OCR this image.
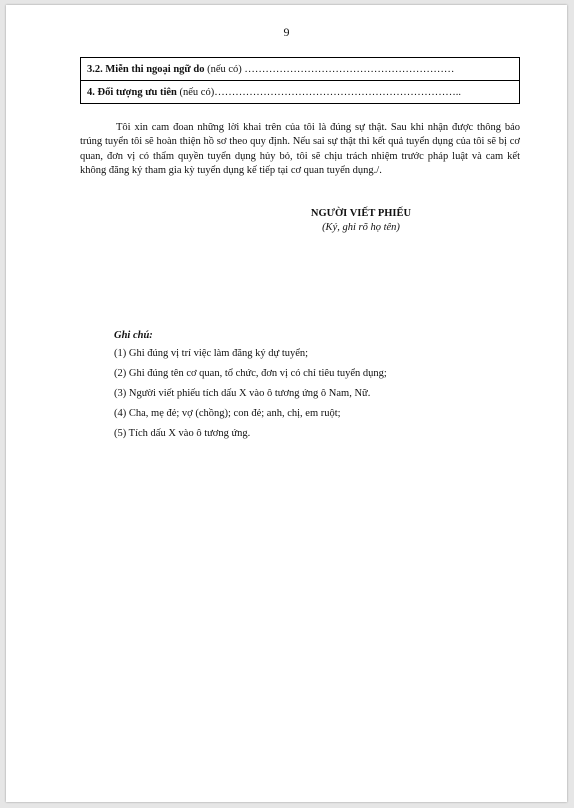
9
3.2. Miễn thi ngoại ngữ do (nếu có) ……………………………………………………
4. Đối tượng ưu tiên (nếu có)……………………………………………………………..

Tôi xin cam đoan những lời khai trên của tôi là đúng sự thật. Sau khi nhận được thông báo trúng tuyển tôi sẽ hoàn thiện hồ sơ theo quy định. Nếu sai sự thật thì kết quả tuyển dụng của tôi sẽ bị cơ quan, đơn vị có thẩm quyền tuyển dụng hủy bỏ, tôi sẽ chịu trách nhiệm trước pháp luật và cam kết không đăng ký tham gia kỳ tuyển dụng kế tiếp tại cơ quan tuyển dụng./.

NGƯỜI VIẾT PHIẾU
(Ký, ghi rõ họ tên)
Ghi chú:
(1) Ghi đúng vị trí việc làm đăng ký dự tuyển;
(2) Ghi đúng tên cơ quan, tổ chức, đơn vị có chỉ tiêu tuyển dụng;
(3) Người viết phiếu tích dấu X vào ô tương ứng ô Nam, Nữ.
(4) Cha, mẹ đẻ; vợ (chồng); con đẻ; anh, chị, em ruột;
(5) Tích dấu X vào ô tương ứng.
